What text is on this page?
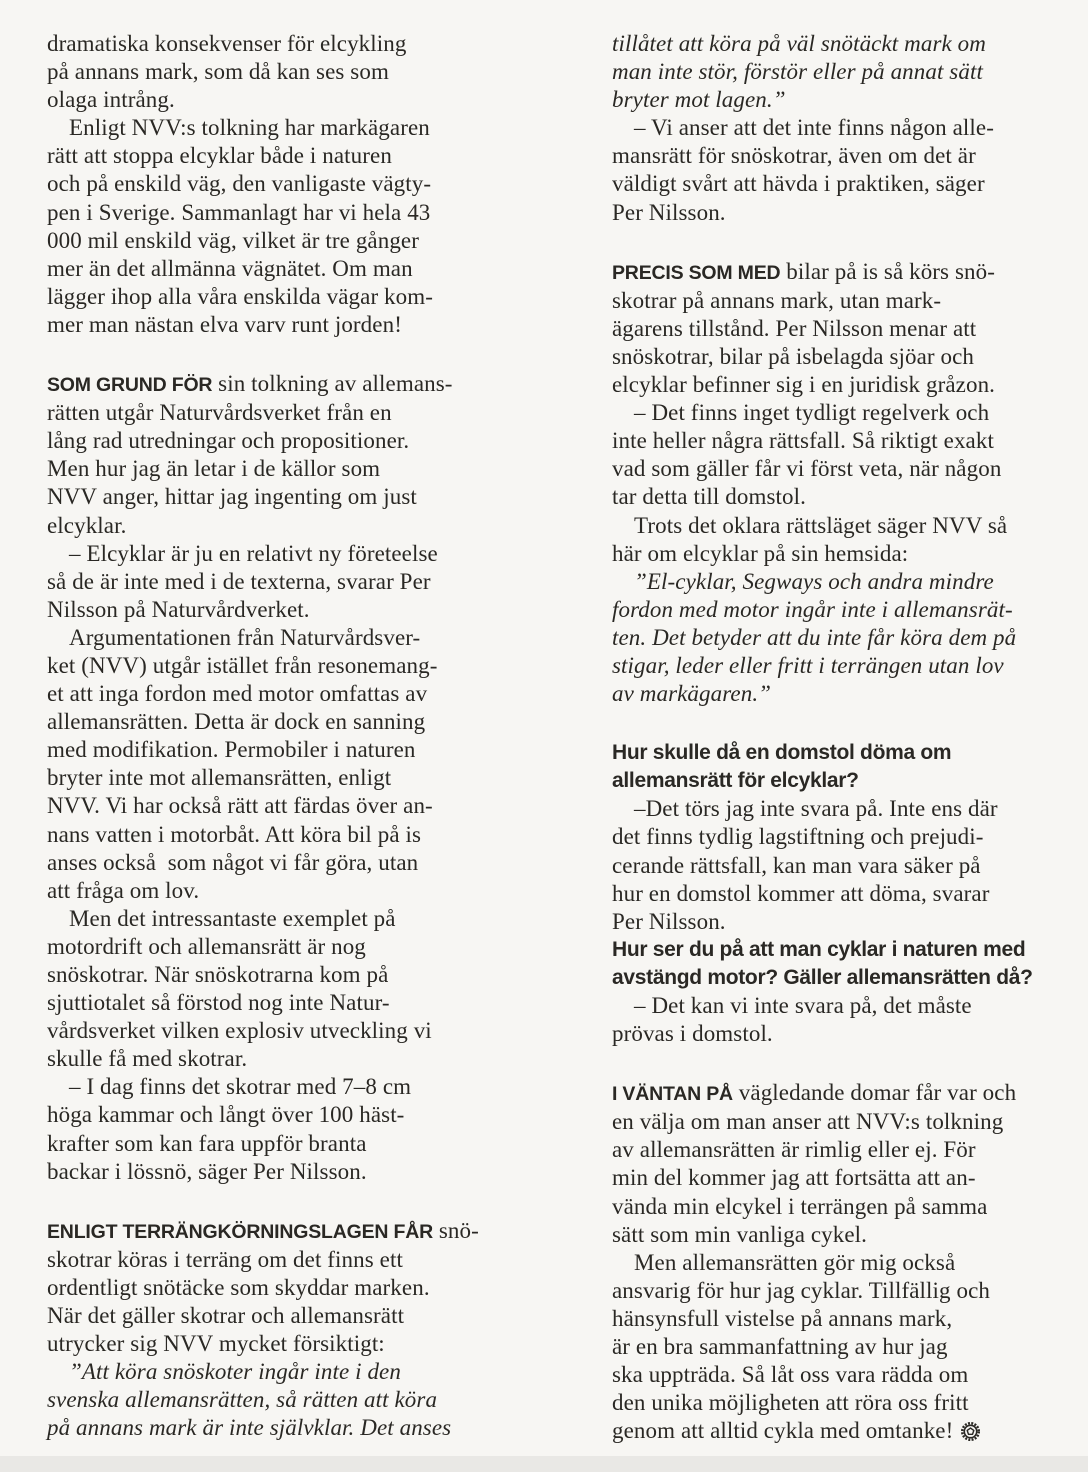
dramatiska konsekvenser för elcykling
på annans mark, som då kan ses som
olaga intrång.

Enligt NVV:s tolkning har markägaren
rätt att stoppa elcyklar både i naturen
och på enskild väg, den vanligaste vägty-
pen i Sverige. Sammanlagt har vi hela 43
000 mil enskild väg, vilket är tre gånger
mer än det allmänna vägnätet. Om man
lägger ihop alla våra enskilda vägar kom-
mer man nästan elva varv runt jorden!

SOM GRUND FÖR sin tolkning av allemans-
rätten utgår Naturvårdsverket från en
lång rad utredningar och propositioner.
Men hur jag än letar i de källor som
NVV anger, hittar jag ingenting om just
elcyklar.

– Elcyklar är ju en relativt ny företeelse
så de är inte med i de texterna, svarar Per
Nilsson på Naturvårdverket.

Argumentationen från Naturvårdsver-
ket (NVV) utgår istället från resonemang-
et att inga fordon med motor omfattas av
allemansrätten. Detta är dock en sanning
med modifikation. Permobiler i naturen
bryter inte mot allemansrätten, enligt
NVV. Vi har också rätt att färdas över an-
nans vatten i motorbåt. Att köra bil på is
anses också  som något vi får göra, utan
att fråga om lov.

Men det intressantaste exemplet på
motordrift och allemansrätt är nog
snöskotrar. När snöskotrarna kom på
sjuttiotalet så förstod nog inte Natur-
vårdsverket vilken explosiv utveckling vi
skulle få med skotrar.

– I dag finns det skotrar med 7–8 cm
höga kammar och långt över 100 häst-
krafter som kan fara uppför branta
backar i lössnö, säger Per Nilsson.

ENLIGT TERRÄNGKÖRNINGSLAGEN FÅR snö-
skotrar köras i terräng om det finns ett
ordentligt snötäcke som skyddar marken.
När det gäller skotrar och allemansrätt
utrycker sig NVV mycket försiktigt:

”Att köra snöskoter ingår inte i den
svenska allemansrätten, så rätten att köra
på annans mark är inte självklar. Det anses

tillåtet att köra på väl snötäckt mark om
man inte stör, förstör eller på annat sätt
bryter mot lagen.”

– Vi anser att det inte finns någon alle-
mansrätt för snöskotrar, även om det är
väldigt svårt att hävda i praktiken, säger
Per Nilsson.

PRECIS SOM MED bilar på is så körs snö-
skotrar på annans mark, utan mark-
ägarens tillstånd. Per Nilsson menar att
snöskotrar, bilar på isbelagda sjöar och
elcyklar befinner sig i en juridisk gråzon.

– Det finns inget tydligt regelverk och
inte heller några rättsfall. Så riktigt exakt
vad som gäller får vi först veta, när någon
tar detta till domstol.

Trots det oklara rättsläget säger NVV så
här om elcyklar på sin hemsida:

”El-cyklar, Segways och andra mindre
fordon med motor ingår inte i allemansrät-
ten. Det betyder att du inte får köra dem på
stigar, leder eller fritt i terrängen utan lov
av markägaren.”

Hur skulle då en domstol döma om
allemansrätt för elcyklar?

–Det törs jag inte svara på. Inte ens där
det finns tydlig lagstiftning och prejudi-
cerande rättsfall, kan man vara säker på
hur en domstol kommer att döma, svarar
Per Nilsson.

Hur ser du på att man cyklar i naturen med
avstängd motor? Gäller allemansrätten då?

– Det kan vi inte svara på, det måste
prövas i domstol.

I VÄNTAN PÅ vägledande domar får var och
en välja om man anser att NVV:s tolkning
av allemansrätten är rimlig eller ej. För
min del kommer jag att fortsätta att an-
vända min elcykel i terrängen på samma
sätt som min vanliga cykel.

Men allemansrätten gör mig också
ansvarig för hur jag cyklar. Tillfällig och
hänsynsfull vistelse på annans mark,
är en bra sammanfattning av hur jag
ska uppträda. Så låt oss vara rädda om
den unika möjligheten att röra oss fritt
genom att alltid cykla med omtanke!
